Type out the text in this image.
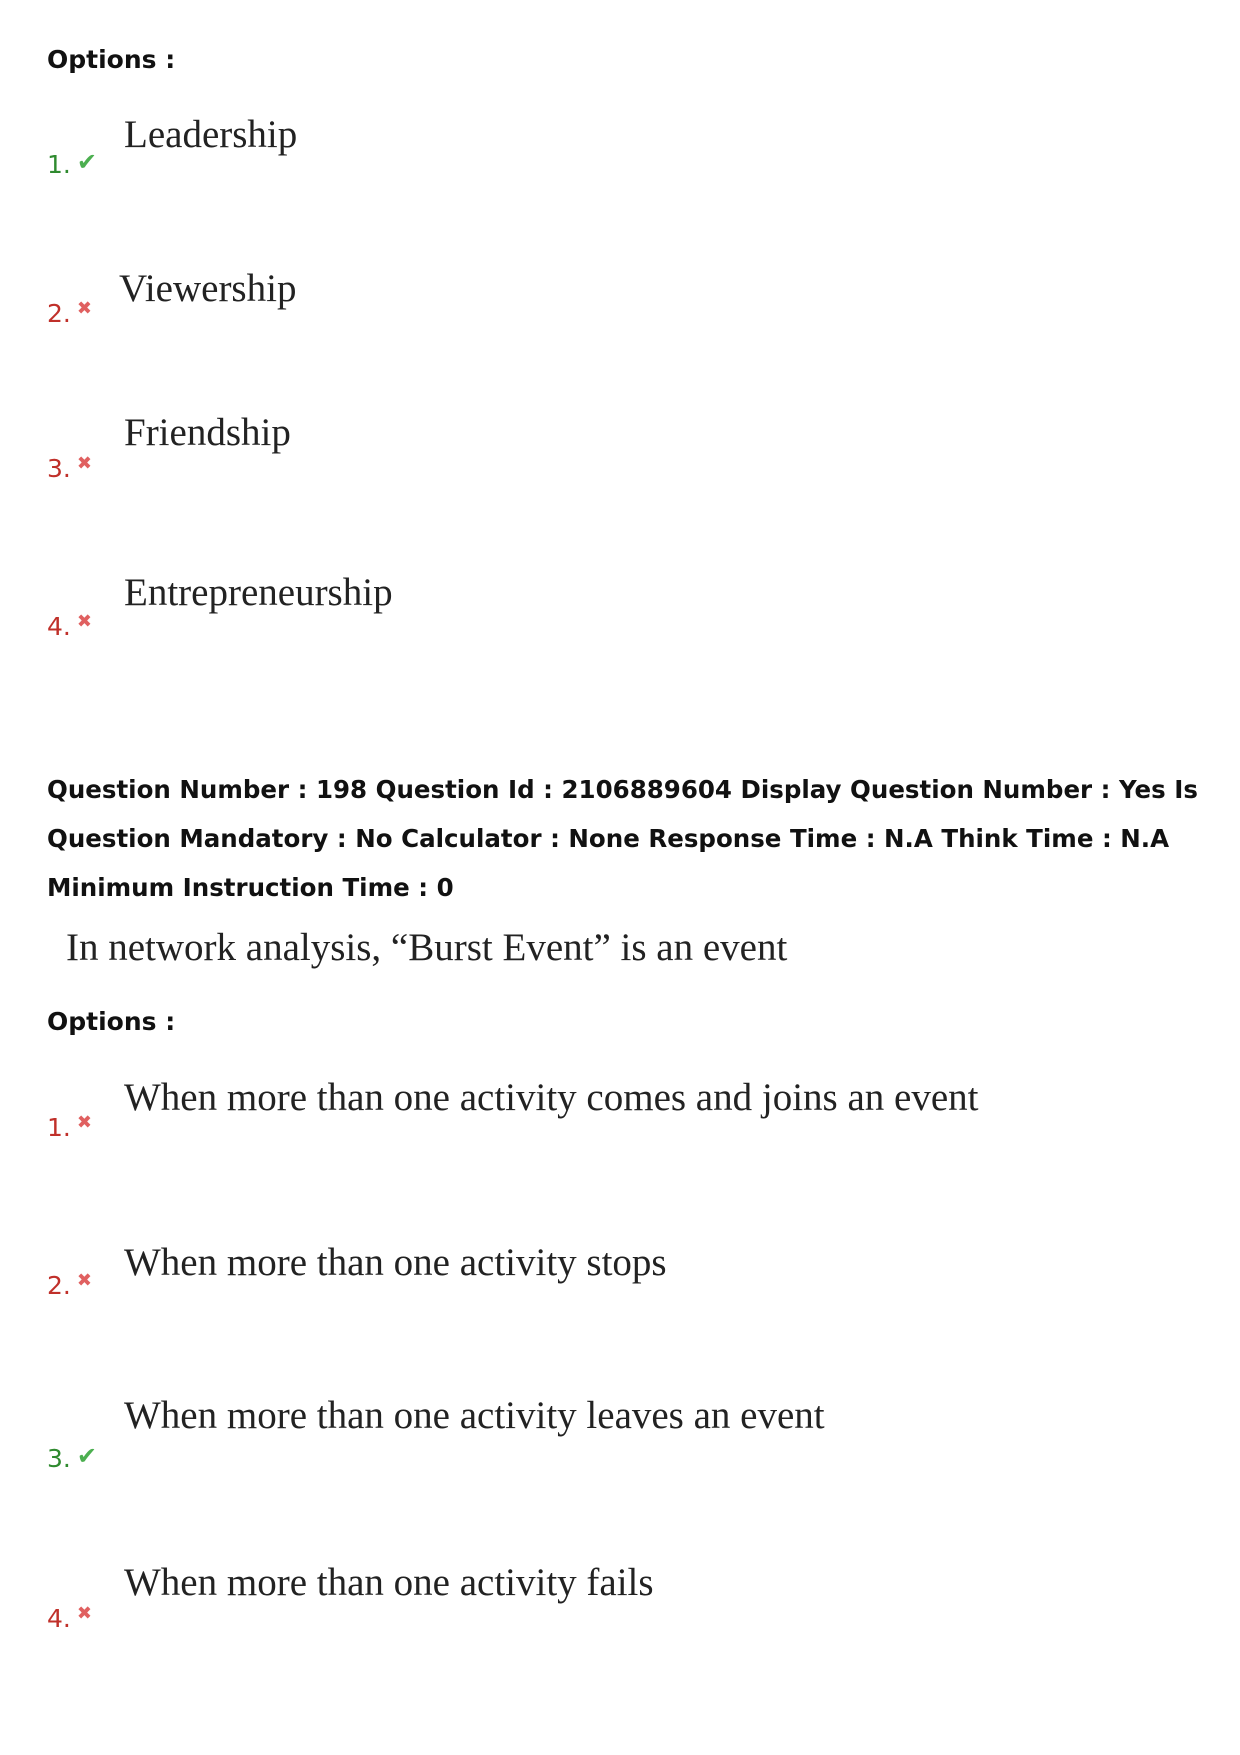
Options :
1. ✔
Leadership
2. ✖ Viewership
3. ✖
Friendship
4. ✖
Entrepreneurship
Question Number : 198 Question Id : 2106889604 Display Question Number : Yes Is Question Mandatory : No Calculator : None Response Time : N.A Think Time : N.A Minimum Instruction Time : 0
In network analysis, “Burst Event” is an event
Options :
1. ✖
When more than one activity comes and joins an event
2. ✖ When more than one activity stops
3. ✔
When more than one activity leaves an event
4. ✖
When more than one activity fails
